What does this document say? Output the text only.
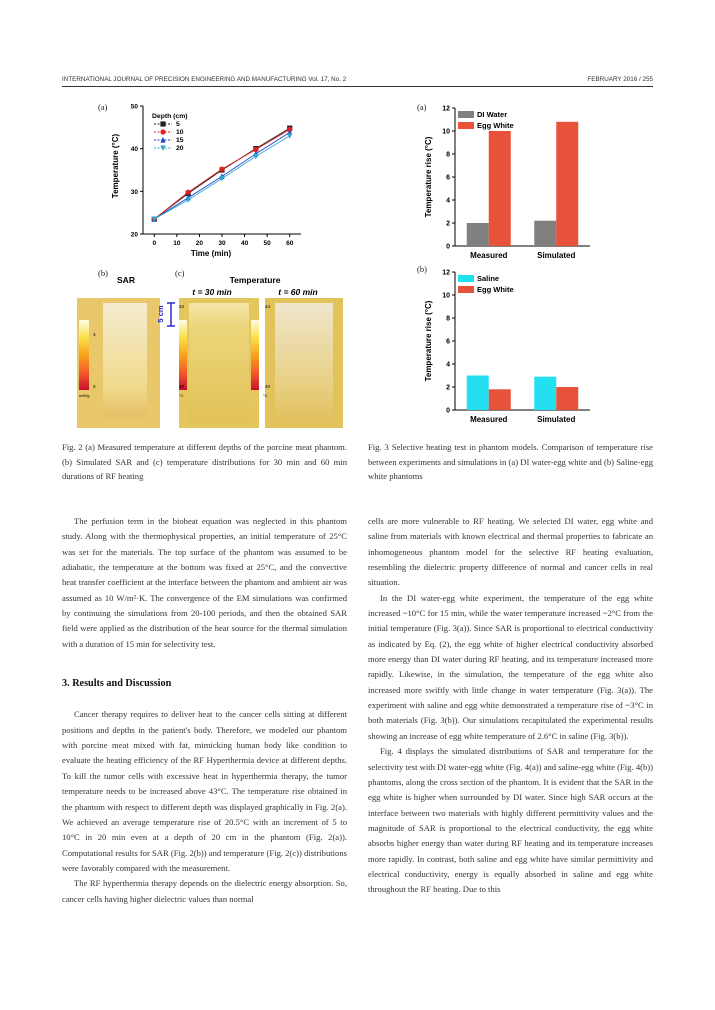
INTERNATIONAL JOURNAL OF PRECISION ENGINEERING AND MANUFACTURING Vol. 17, No. 2	FEBRUARY 2016 / 255
(a)
0	10 20 30 40 50 60
20
30
40
50
Depth (cm)
5
10
15
20
Time (min)
Temperature (°C)
(b)	(c)
SAR	Temperature
t = 30 min	t = 60 min
3
0
mW/g
5 cm	34
30
°C
44
40
°C
(a)
0
2
4
6
8
10
12
Temperature rise (°C)
Measured	Simulated
DI Water
Egg White
(b)
0
2
4
6
8
10
12
Temperature rise (°C)
Measured	Simulated
Saline
Egg White
Fig. 2 (a) Measured temperature at different depths of the porcine meat phantom. (b) Simulated SAR and (c) temperature distributions for 30 min and 60 min durations of RF heating
Fig. 3 Selective heating test in phantom models. Comparison of temperature rise between experiments and simulations in (a) DI water-egg white and (b) Saline-egg white phantoms

The perfusion term in the bioheat equation was neglected in this phantom study. Along with the thermophysical properties, an initial temperature of 25°C was set for the materials. The top surface of the phantom was assumed to be adiabatic, the temperature at the bottom was fixed at 25°C, and the convective heat transfer coefficient at the interface between the phantom and ambient air was assumed as 10 W/m²·K. The convergence of the EM simulations was confirmed by continuing the simulations from 20-100 periods, and then the obtained SAR field were applied as the distribution of the heat source for the thermal simulation with a duration of 15 min for selectivity test.

3. Results and Discussion

Cancer therapy requires to deliver heat to the cancer cells sitting at different positions and depths in the patient's body. Therefore, we modeled our phantom with porcine meat mixed with fat, mimicking human body like condition to evaluate the heating efficiency of the RF Hyperthermia device at different depths. To kill the tumor cells with excessive heat in hyperthermia therapy, the tumor temperature needs to be increased above 43°C. The temperature rise obtained in the phantom with respect to different depth was displayed graphically in Fig. 2(a). We achieved an average temperature rise of 20.5°C with an increment of 5 to 10°C in 20 min even at a depth of 20 cm in the phantom (Fig. 2(a)). Computational results for SAR (Fig. 2(b)) and temperature (Fig. 2(c)) distributions were favorably compared with the measurement.

The RF hyperthermia therapy depends on the dielectric energy absorption. So, cancer cells having higher dielectric values than normal

cells are more vulnerable to RF heating. We selected DI water, egg white and saline from materials with known electrical and thermal properties to fabricate an inhomogeneous phantom model for the selective RF heating evaluation, resembling the dielectric property difference of normal and cancer cells in real situation.

In the DI water-egg white experiment, the temperature of the egg white increased ~10°C for 15 min, while the water temperature increased ~2°C from the initial temperature (Fig. 3(a)). Since SAR is proportional to electrical conductivity as indicated by Eq. (2), the egg white of higher electrical conductivity absorbed more energy than DI water during RF heating, and its temperature increased more rapidly. Likewise, in the simulation, the temperature of the egg white also increased more swiftly with little change in water temperature (Fig. 3(a)). The experiment with saline and egg white demonstrated a temperature rise of ~3°C in both materials (Fig. 3(b)). Our simulations recapitulated the experimental results showing an increase of egg white temperature of 2.6°C in saline (Fig. 3(b)).

Fig. 4 displays the simulated distributions of SAR and temperature for the selectivity test with DI water-egg white (Fig. 4(a)) and saline-egg white (Fig. 4(b)) phantoms, along the cross section of the phantom. It is evident that the SAR in the egg white is higher when surrounded by DI water. Since high SAR occurs at the interface between two materials with highly different permittivity values and the magnitude of SAR is proportional to the electrical conductivity, the egg white absorbs higher energy than water during RF heating and its temperature increases more rapidly. In contrast, both saline and egg white have similar permittivity and electrical conductivity, energy is equally absorbed in saline and egg white throughout the RF heating. Due to this
